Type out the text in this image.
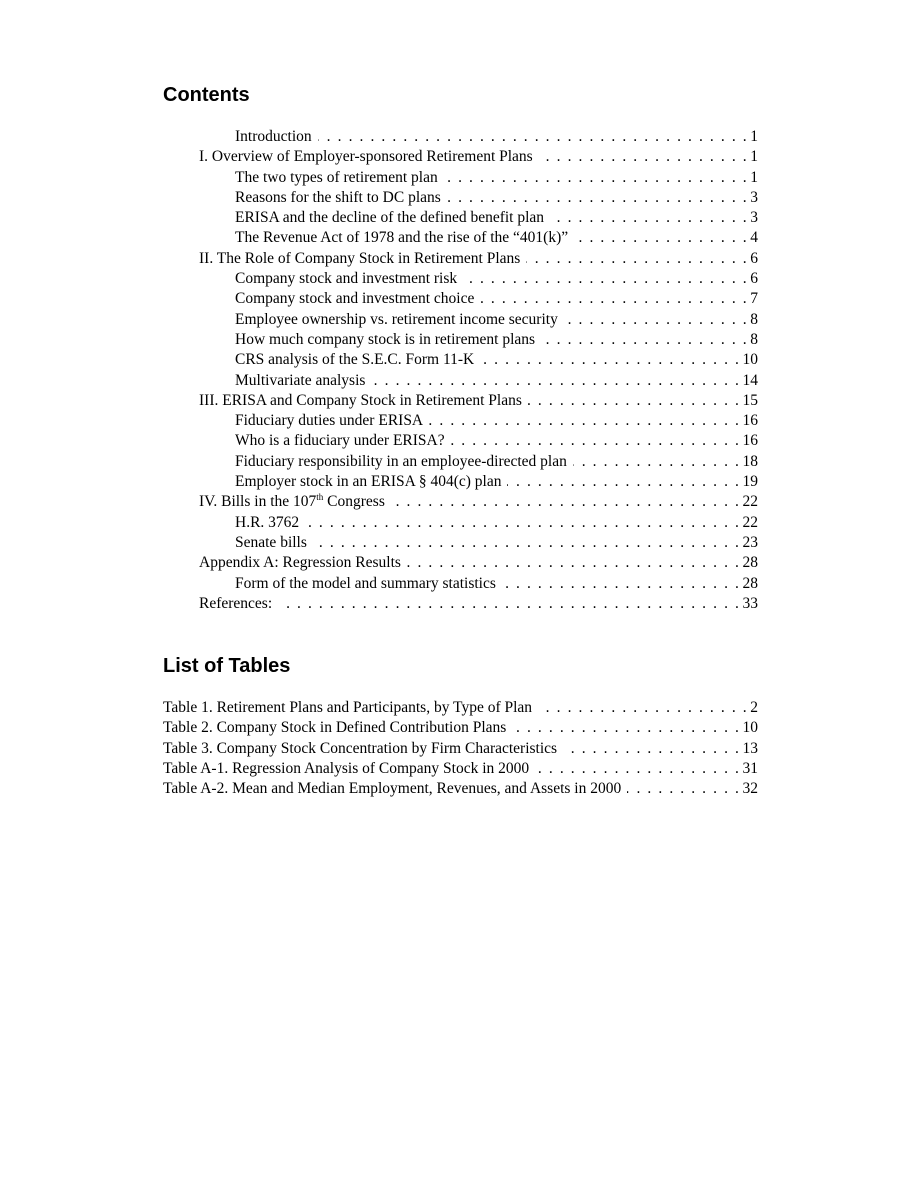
Contents
Introduction . . .	1
I. Overview of Employer-sponsored Retirement Plans . . .	1
The two types of retirement plan . . .	1
Reasons for the shift to DC plans . . .	3
ERISA and the decline of the defined benefit plan . . .	3
The Revenue Act of 1978 and the rise of the “401(k)” . . .	4
II. The Role of Company Stock in Retirement Plans . . .	6
Company stock and investment risk . . .	6
Company stock and investment choice . . .	7
Employee ownership vs. retirement income security . . .	8
How much company stock is in retirement plans . . .	8
CRS analysis of the S.E.C. Form 11-K . . .	10
Multivariate analysis . . .	14
III. ERISA and Company Stock in Retirement Plans . . .	15
Fiduciary duties under ERISA . . .	16
Who is a fiduciary under ERISA? . . .	16
Fiduciary responsibility in an employee-directed plan . . .	18
Employer stock in an ERISA § 404(c) plan . . .	19
IV. Bills in the 107th Congress . . .	22
H.R. 3762 . . .	22
Senate bills . . .	23
Appendix A: Regression Results . . .	28
Form of the model and summary statistics . . .	28
References: . . .	33
List of Tables
Table 1. Retirement Plans and Participants, by Type of Plan . . .	2
Table 2. Company Stock in Defined Contribution Plans . . .	10
Table 3. Company Stock Concentration by Firm Characteristics . . .	13
Table A-1. Regression Analysis of Company Stock in 2000 . . .	31
Table A-2. Mean and Median Employment, Revenues, and Assets in 2000 . . .	32
